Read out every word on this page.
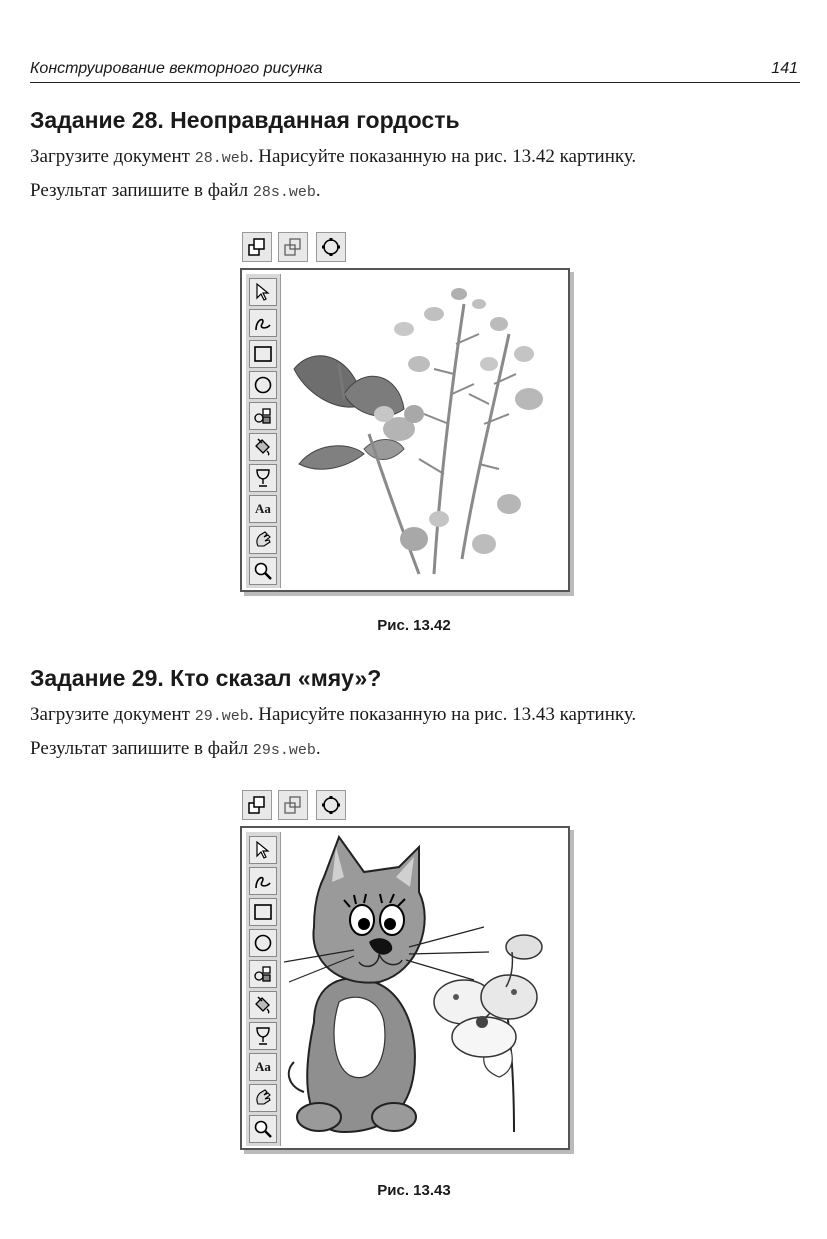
Конструирование векторного рисунка	141
Задание 28. Неоправданная гордость
Загрузите документ 28.web. Нарисуйте показанную на рис. 13.42 картинку.
Результат запишите в файл 28s.web.
Aa
Рис. 13.42
Задание 29. Кто сказал «мяу»?
Загрузите документ 29.web. Нарисуйте показанную на рис. 13.43 картинку.
Результат запишите в файл 29s.web.
Aa
Рис. 13.43
